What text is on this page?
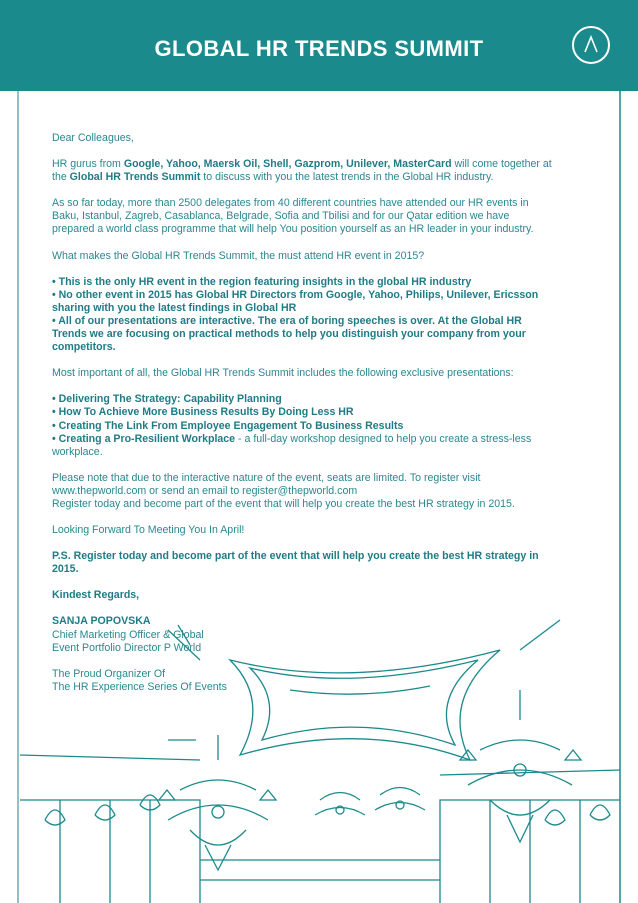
GLOBAL HR TRENDS SUMMIT

Dear Colleagues,

HR gurus from Google, Yahoo, Maersk Oil, Shell, Gazprom, Unilever, MasterCard will come together at the Global HR Trends Summit to discuss with you the latest trends in the Global HR industry.

As so far today, more than 2500 delegates from 40 different countries have attended our HR events in Baku, Istanbul, Zagreb, Casablanca, Belgrade, Sofia and Tbilisi and for our Qatar edition we have prepared a world class programme that will help You position yourself as an HR leader in your industry.

What makes the Global HR Trends Summit, the must attend HR event in 2015?

• This is the only HR event in the region featuring insights in the global HR industry
• No other event in 2015 has Global HR Directors from Google, Yahoo, Philips, Unilever, Ericsson sharing with you the latest findings in Global HR
• All of our presentations are interactive. The era of boring speeches is over. At the Global HR Trends we are focusing on practical methods to help you distinguish your company from your competitors.

Most important of all, the Global HR Trends Summit includes the following exclusive presentations:

• Delivering The Strategy: Capability Planning
• How To Achieve More Business Results By Doing Less HR
• Creating The Link From Employee Engagement To Business Results
• Creating a Pro-Resilient Workplace - a full-day workshop designed to help you create a stress-less workplace.

Please note that due to the interactive nature of the event, seats are limited. To register visit www.thepworld.com or send an email to register@thepworld.com
Register today and become part of the event that will help you create the best HR strategy in 2015.

Looking Forward To Meeting You In April!

P.S. Register today and become part of the event that will help you create the best HR strategy in 2015.

Kindest Regards,

SANJA POPOVSKA

Chief Marketing Officer & Global

Event Portfolio Director P World

The Proud Organizer Of

The HR Experience Series Of Events
